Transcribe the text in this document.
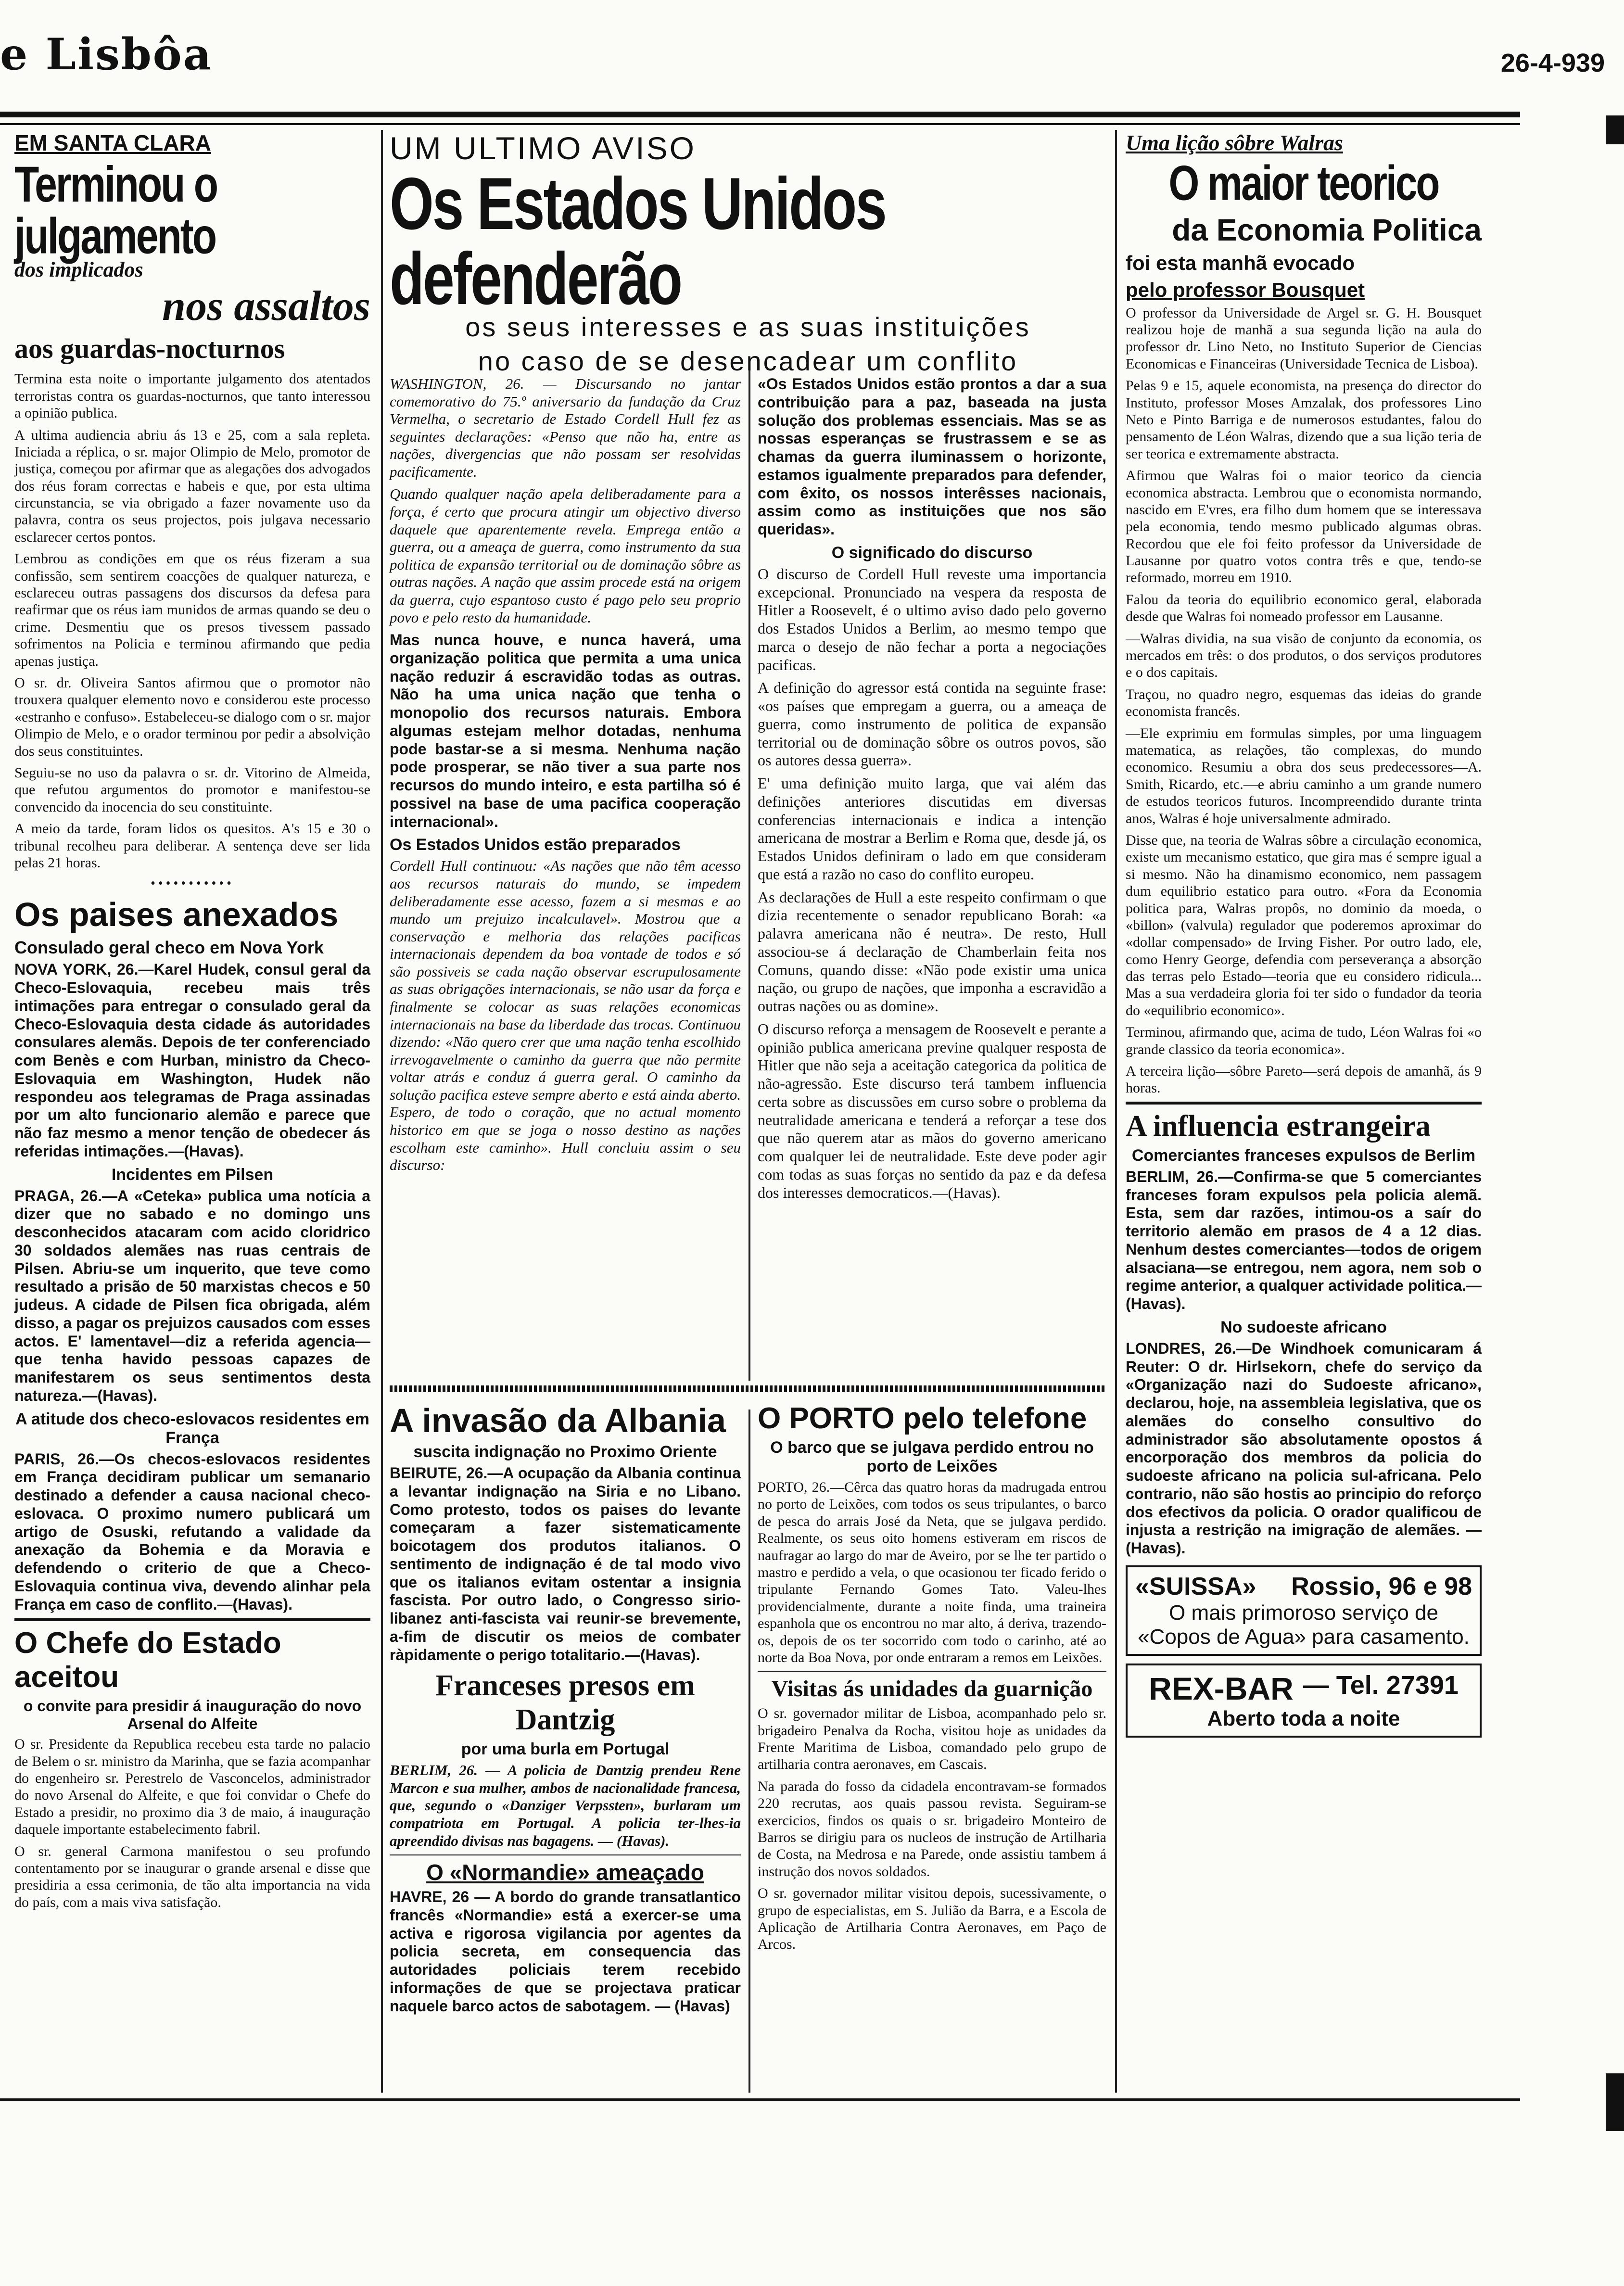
e Lisbôa	26-4-939
EM SANTA CLARA
Terminou o julgamento
dos implicados
nos assaltos
aos guardas-nocturnos

Termina esta noite o importante julgamento dos atentados terroristas contra os guardas-nocturnos, que tanto interessou a opinião publica.

A ultima audiencia abriu ás 13 e 25, com a sala repleta. Iniciada a réplica, o sr. major Olimpio de Melo, promotor de justiça, começou por afirmar que as alegações dos advogados dos réus foram correctas e habeis e que, por esta ultima circunstancia, se via obrigado a fazer novamente uso da palavra, contra os seus projectos, pois julgava necessario esclarecer certos pontos.

Lembrou as condições em que os réus fizeram a sua confissão, sem sentirem coacções de qualquer natureza, e esclareceu outras passagens dos discursos da defesa para reafirmar que os réus iam munidos de armas quando se deu o crime. Desmentiu que os presos tivessem passado sofrimentos na Policia e terminou afirmando que pedia apenas justiça.

O sr. dr. Oliveira Santos afirmou que o promotor não trouxera qualquer elemento novo e considerou este processo «estranho e confuso». Estabeleceu-se dialogo com o sr. major Olimpio de Melo, e o orador terminou por pedir a absolvição dos seus constituintes.

Seguiu-se no uso da palavra o sr. dr. Vitorino de Almeida, que refutou argumentos do promotor e manifestou-se convencido da inocencia do seu constituinte.

A meio da tarde, foram lidos os quesitos. A's 15 e 30 o tribunal recolheu para deliberar. A sentença deve ser lida pelas 21 horas.

•••••••••••
Os paises anexados
Consulado geral checo em Nova York

NOVA YORK, 26.—Karel Hudek, consul geral da Checo-Eslovaquia, recebeu mais três intimações para entregar o consulado geral da Checo-Eslovaquia desta cidade ás autoridades consulares alemãs. Depois de ter conferenciado com Benès e com Hurban, ministro da Checo-Eslovaquia em Washington, Hudek não respondeu aos telegramas de Praga assinadas por um alto funcionario alemão e parece que não faz mesmo a menor tenção de obedecer ás referidas intimações.—(Havas).

Incidentes em Pilsen

PRAGA, 26.—A «Ceteka» publica uma notícia a dizer que no sabado e no domingo uns desconhecidos atacaram com acido cloridrico 30 soldados alemães nas ruas centrais de Pilsen. Abriu-se um inquerito, que teve como resultado a prisão de 50 marxistas checos e 50 judeus. A cidade de Pilsen fica obrigada, além disso, a pagar os prejuizos causados com esses actos. E' lamentavel—diz a referida agencia—que tenha havido pessoas capazes de manifestarem os seus sentimentos desta natureza.—(Havas).

A atitude dos checo-eslovacos residentes em França

PARIS, 26.—Os checos-eslovacos residentes em França decidiram publicar um semanario destinado a defender a causa nacional checo-eslovaca. O proximo numero publicará um artigo de Osuski, refutando a validade da anexação da Bohemia e da Moravia e defendendo o criterio de que a Checo-Eslovaquia continua viva, devendo alinhar pela França em caso de conflito.—(Havas).

O Chefe do Estado aceitou
o convite para presidir á inauguração do novo Arsenal do Alfeite

O sr. Presidente da Republica recebeu esta tarde no palacio de Belem o sr. ministro da Marinha, que se fazia acompanhar do engenheiro sr. Perestrelo de Vasconcelos, administrador do novo Arsenal do Alfeite, e que foi convidar o Chefe do Estado a presidir, no proximo dia 3 de maio, á inauguração daquele importante estabelecimento fabril.

O sr. general Carmona manifestou o seu profundo contentamento por se inaugurar o grande arsenal e disse que presidiria a essa cerimonia, de tão alta importancia na vida do país, com a mais viva satisfação.

UM ULTIMO AVISO
Os Estados Unidos defenderão
os seus interesses e as suas instituições
no caso de se desencadear um conflito

WASHINGTON, 26. — Discursando no jantar comemorativo do 75.º aniversario da fundação da Cruz Vermelha, o secretario de Estado Cordell Hull fez as seguintes declarações: «Penso que não ha, entre as nações, divergencias que não possam ser resolvidas pacificamente.

Quando qualquer nação apela deliberadamente para a força, é certo que procura atingir um objectivo diverso daquele que aparentemente revela. Emprega então a guerra, ou a ameaça de guerra, como instrumento da sua politica de expansão territorial ou de dominação sôbre as outras nações. A nação que assim procede está na origem da guerra, cujo espantoso custo é pago pelo seu proprio povo e pelo resto da humanidade.

Mas nunca houve, e nunca haverá, uma organização politica que permita a uma unica nação reduzir á escravidão todas as outras. Não ha uma unica nação que tenha o monopolio dos recursos naturais. Embora algumas estejam melhor dotadas, nenhuma pode bastar-se a si mesma. Nenhuma nação pode prosperar, se não tiver a sua parte nos recursos do mundo inteiro, e esta partilha só é possivel na base de uma pacifica cooperação internacional».

Os Estados Unidos estão preparados

Cordell Hull continuou: «As nações que não têm acesso aos recursos naturais do mundo, se impedem deliberadamente esse acesso, fazem a si mesmas e ao mundo um prejuizo incalculavel». Mostrou que a conservação e melhoria das relações pacificas internacionais dependem da boa vontade de todos e só são possiveis se cada nação observar escrupulosamente as suas obrigações internacionais, se não usar da força e finalmente se colocar as suas relações economicas internacionais na base da liberdade das trocas. Continuou dizendo: «Não quero crer que uma nação tenha escolhido irrevogavelmente o caminho da guerra que não permite voltar atrás e conduz á guerra geral. O caminho da solução pacifica esteve sempre aberto e está ainda aberto. Espero, de todo o coração, que no actual momento historico em que se joga o nosso destino as nações escolham este caminho». Hull concluiu assim o seu discurso:

«Os Estados Unidos estão prontos a dar a sua contribuição para a paz, baseada na justa solução dos problemas essenciais. Mas se as nossas esperanças se frustrassem e se as chamas da guerra iluminassem o horizonte, estamos igualmente preparados para defender, com êxito, os nossos interêsses nacionais, assim como as instituições que nos são queridas».

O significado do discurso

O discurso de Cordell Hull reveste uma importancia excepcional. Pronunciado na vespera da resposta de Hitler a Roosevelt, é o ultimo aviso dado pelo governo dos Estados Unidos a Berlim, ao mesmo tempo que marca o desejo de não fechar a porta a negociações pacificas.

A definição do agressor está contida na seguinte frase: «os países que empregam a guerra, ou a ameaça de guerra, como instrumento de politica de expansão territorial ou de dominação sôbre os outros povos, são os autores dessa guerra».

E' uma definição muito larga, que vai além das definições anteriores discutidas em diversas conferencias internacionais e indica a intenção americana de mostrar a Berlim e Roma que, desde já, os Estados Unidos definiram o lado em que consideram que está a razão no caso do conflito europeu.

As declarações de Hull a este respeito confirmam o que dizia recentemente o senador republicano Borah: «a palavra americana não é neutra». De resto, Hull associou-se á declaração de Chamberlain feita nos Comuns, quando disse: «Não pode existir uma unica nação, ou grupo de nações, que imponha a escravidão a outras nações ou as domine».

O discurso reforça a mensagem de Roosevelt e perante a opinião publica americana previne qualquer resposta de Hitler que não seja a aceitação categorica da politica de não-agressão. Este discurso terá tambem influencia certa sobre as discussões em curso sobre o problema da neutralidade americana e tenderá a reforçar a tese dos que não querem atar as mãos do governo americano com qualquer lei de neutralidade. Este deve poder agir com todas as suas forças no sentido da paz e da defesa dos interesses democraticos.—(Havas).

A invasão da Albania
suscita indignação no Proximo Oriente

BEIRUTE, 26.—A ocupação da Albania continua a levantar indignação na Siria e no Libano. Como protesto, todos os paises do levante começaram a fazer sistematicamente boicotagem dos produtos italianos. O sentimento de indignação é de tal modo vivo que os italianos evitam ostentar a insignia fascista. Por outro lado, o Congresso sirio-libanez anti-fascista vai reunir-se brevemente, a-fim de discutir os meios de combater ràpidamente o perigo totalitario.—(Havas).

Franceses presos em Dantzig
por uma burla em Portugal

BERLIM, 26. — A policia de Dantzig prendeu Rene Marcon e sua mulher, ambos de nacionalidade francesa, que, segundo o «Danziger Verpssten», burlaram um compatriota em Portugal. A policia ter-lhes-ia apreendido divisas nas bagagens. — (Havas).

O «Normandie» ameaçado

HAVRE, 26 — A bordo do grande transatlantico francês «Normandie» está a exercer-se uma activa e rigorosa vigilancia por agentes da policia secreta, em consequencia das autoridades policiais terem recebido informações de que se projectava praticar naquele barco actos de sabotagem. — (Havas)

O PORTO pelo telefone
O barco que se julgava perdido entrou no porto de Leixões

PORTO, 26.—Cêrca das quatro horas da madrugada entrou no porto de Leixões, com todos os seus tripulantes, o barco de pesca do arrais José da Neta, que se julgava perdido. Realmente, os seus oito homens estiveram em riscos de naufragar ao largo do mar de Aveiro, por se lhe ter partido o mastro e perdido a vela, o que ocasionou ter ficado ferido o tripulante Fernando Gomes Tato. Valeu-lhes providencialmente, durante a noite finda, uma traineira espanhola que os encontrou no mar alto, á deriva, trazendo-os, depois de os ter socorrido com todo o carinho, até ao norte da Boa Nova, por onde entraram a remos em Leixões.

Visitas ás unidades da guarnição

O sr. governador militar de Lisboa, acompanhado pelo sr. brigadeiro Penalva da Rocha, visitou hoje as unidades da Frente Maritima de Lisboa, comandado pelo grupo de artilharia contra aeronaves, em Cascais.

Na parada do fosso da cidadela encontravam-se formados 220 recrutas, aos quais passou revista. Seguiram-se exercicios, findos os quais o sr. brigadeiro Monteiro de Barros se dirigiu para os nucleos de instrução de Artilharia de Costa, na Medrosa e na Parede, onde assistiu tambem á instrução dos novos soldados.

O sr. governador militar visitou depois, sucessivamente, o grupo de especialistas, em S. Julião da Barra, e a Escola de Aplicação de Artilharia Contra Aeronaves, em Paço de Arcos.

Uma lição sôbre Walras
O maior teorico
da Economia Politica
foi esta manhã evocado
pelo professor Bousquet

O professor da Universidade de Argel sr. G. H. Bousquet realizou hoje de manhã a sua segunda lição na aula do professor dr. Lino Neto, no Instituto Superior de Ciencias Economicas e Financeiras (Universidade Tecnica de Lisboa).

Pelas 9 e 15, aquele economista, na presença do director do Instituto, professor Moses Amzalak, dos professores Lino Neto e Pinto Barriga e de numerosos estudantes, falou do pensamento de Léon Walras, dizendo que a sua lição teria de ser teorica e extremamente abstracta.

Afirmou que Walras foi o maior teorico da ciencia economica abstracta. Lembrou que o economista normando, nascido em E'vres, era filho dum homem que se interessava pela economia, tendo mesmo publicado algumas obras. Recordou que ele foi feito professor da Universidade de Lausanne por quatro votos contra três e que, tendo-se reformado, morreu em 1910.

Falou da teoria do equilibrio economico geral, elaborada desde que Walras foi nomeado professor em Lausanne.

—Walras dividia, na sua visão de conjunto da economia, os mercados em três: o dos produtos, o dos serviços produtores e o dos capitais.

Traçou, no quadro negro, esquemas das ideias do grande economista francês.

—Ele exprimiu em formulas simples, por uma linguagem matematica, as relações, tão complexas, do mundo economico. Resumiu a obra dos seus predecessores—A. Smith, Ricardo, etc.—e abriu caminho a um grande numero de estudos teoricos futuros. Incompreendido durante trinta anos, Walras é hoje universalmente admirado.

Disse que, na teoria de Walras sôbre a circulação economica, existe um mecanismo estatico, que gira mas é sempre igual a si mesmo. Não ha dinamismo economico, nem passagem dum equilibrio estatico para outro. «Fora da Economia politica para, Walras propôs, no dominio da moeda, o «billon» (valvula) regulador que poderemos aproximar do «dollar compensado» de Irving Fisher. Por outro lado, ele, como Henry George, defendia com perseverança a absorção das terras pelo Estado—teoria que eu considero ridicula... Mas a sua verdadeira gloria foi ter sido o fundador da teoria do «equilibrio economico».

Terminou, afirmando que, acima de tudo, Léon Walras foi «o grande classico da teoria economica».

A terceira lição—sôbre Pareto—será depois de amanhã, ás 9 horas.

A influencia estrangeira
Comerciantes franceses expulsos de Berlim

BERLIM, 26.—Confirma-se que 5 comerciantes franceses foram expulsos pela policia alemã. Esta, sem dar razões, intimou-os a saír do territorio alemão em prasos de 4 a 12 dias. Nenhum destes comerciantes—todos de origem alsaciana—se entregou, nem agora, nem sob o regime anterior, a qualquer actividade politica.—(Havas).

No sudoeste africano

LONDRES, 26.—De Windhoek comunicaram á Reuter: O dr. Hirlsekorn, chefe do serviço da «Organização nazi do Sudoeste africano», declarou, hoje, na assembleia legislativa, que os alemães do conselho consultivo do administrador são absolutamente opostos á encorporação dos membros da policia do sudoeste africano na policia sul-africana. Pelo contrario, não são hostis ao principio do reforço dos efectivos da policia. O orador qualificou de injusta a restrição na imigração de alemães. — (Havas).

«SUISSA» Rossio, 96 e 98
O mais primoroso serviço de «Copos de Agua» para casamento.
REX-BAR — Tel. 27391
Aberto toda a noite
